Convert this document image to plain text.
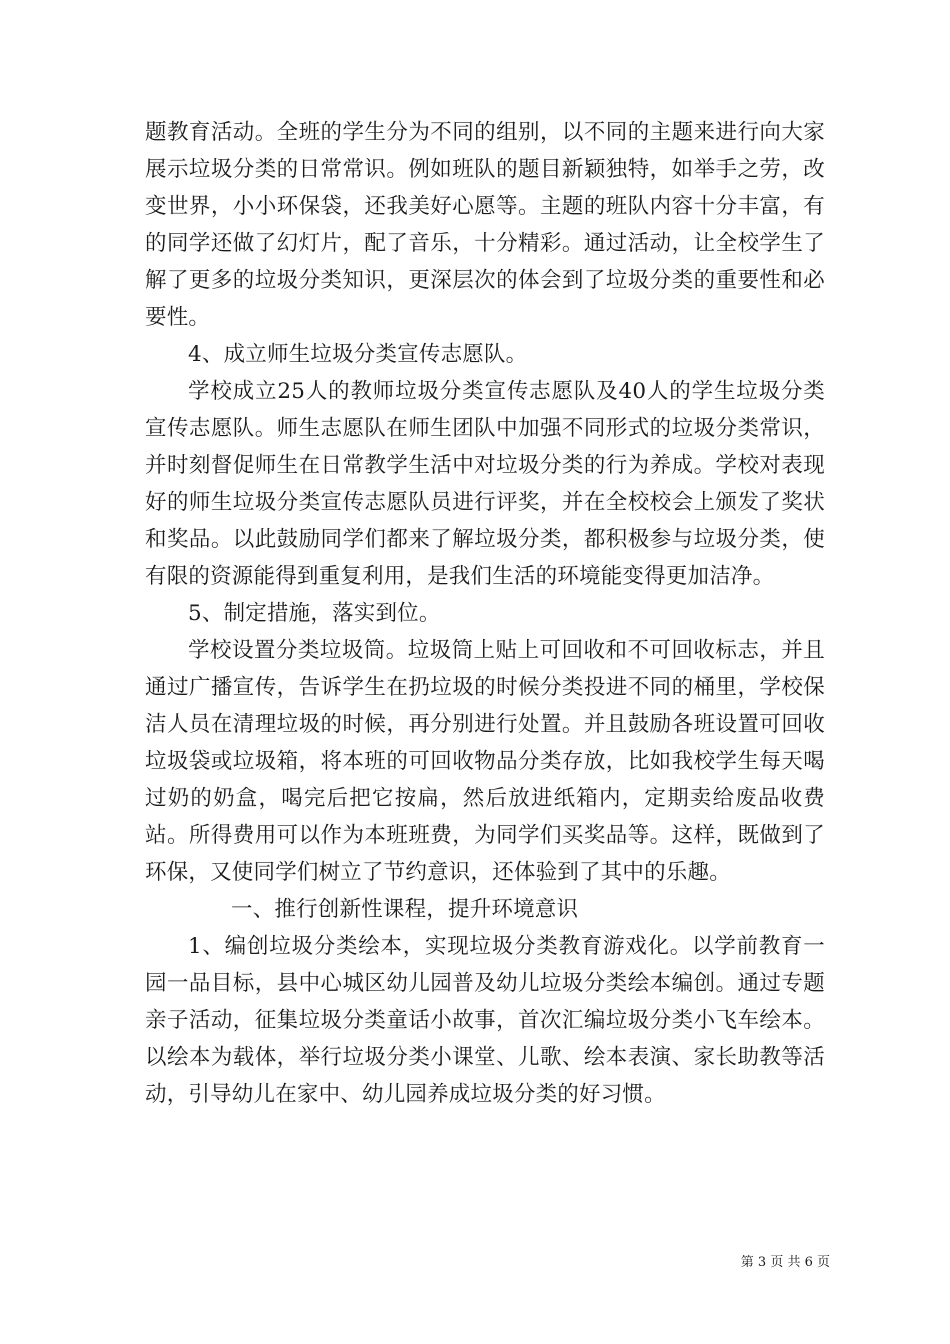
题教育活动。全班的学生分为不同的组别，以不同的主题来进行向大家展示垃圾分类的日常常识。例如班队的题目新颖独特，如举手之劳，改变世界，小小环保袋，还我美好心愿等。主题的班队内容十分丰富，有的同学还做了幻灯片，配了音乐，十分精彩。通过活动，让全校学生了解了更多的垃圾分类知识，更深层次的体会到了垃圾分类的重要性和必要性。

4、成立师生垃圾分类宣传志愿队。

学校成立25人的教师垃圾分类宣传志愿队及40人的学生垃圾分类宣传志愿队。师生志愿队在师生团队中加强不同形式的垃圾分类常识，并时刻督促师生在日常教学生活中对垃圾分类的行为养成。学校对表现好的师生垃圾分类宣传志愿队员进行评奖，并在全校校会上颁发了奖状和奖品。以此鼓励同学们都来了解垃圾分类，都积极参与垃圾分类，使有限的资源能得到重复利用，是我们生活的环境能变得更加洁净。

5、制定措施，落实到位。

学校设置分类垃圾筒。垃圾筒上贴上可回收和不可回收标志，并且通过广播宣传，告诉学生在扔垃圾的时候分类投进不同的桶里，学校保洁人员在清理垃圾的时候，再分别进行处置。并且鼓励各班设置可回收垃圾袋或垃圾箱，将本班的可回收物品分类存放，比如我校学生每天喝过奶的奶盒，喝完后把它按扁，然后放进纸箱内，定期卖给废品收费站。所得费用可以作为本班班费，为同学们买奖品等。这样，既做到了环保，又使同学们树立了节约意识，还体验到了其中的乐趣。

一、推行创新性课程，提升环境意识

1、编创垃圾分类绘本，实现垃圾分类教育游戏化。以学前教育一园一品目标，县中心城区幼儿园普及幼儿垃圾分类绘本编创。通过专题亲子活动，征集垃圾分类童话小故事，首次汇编垃圾分类小飞车绘本。以绘本为载体，举行垃圾分类小课堂、儿歌、绘本表演、家长助教等活动，引导幼儿在家中、幼儿园养成垃圾分类的好习惯。

第 3 页 共 6 页
